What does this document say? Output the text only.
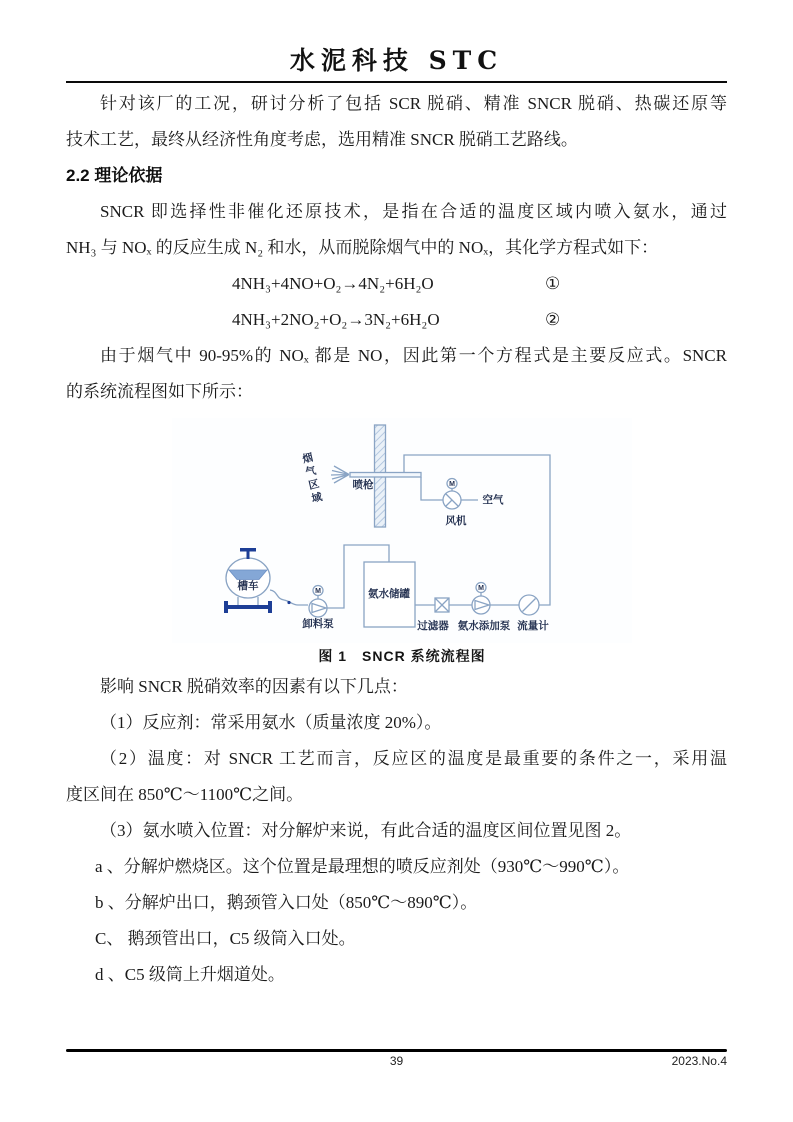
水泥科技 STC
针对该厂的工况，研讨分析了包括 SCR 脱硝、精准 SNCR 脱硝、热碳还原等
技术工艺，最终从经济性角度考虑，选用精准 SNCR 脱硝工艺路线。
2.2 理论依据
SNCR 即选择性非催化还原技术，是指在合适的温度区域内喷入氨水，通过
NH₃ 与 NOₓ 的反应生成 N₂ 和水，从而脱除烟气中的 NOₓ，其化学方程式如下：
4NH₃+4NO+O₂→4N₂+6H₂O	①
4NH₃+2NO₂+O₂→3N₂+6H₂O	②
由于烟气中 90-95%的 NOₓ 都是 NO，因此第一个方程式是主要反应式。SNCR
的系统流程图如下所示：
M
M	M
烟气区域	喷枪
风机
空气
槽车
卸料泵
氨水储罐
过滤器 氨水添加泵 流量计
图 1　SNCR 系统流程图
影响 SNCR 脱硝效率的因素有以下几点：
（1）反应剂：常采用氨水（质量浓度 20%）。
（2）温度：对 SNCR 工艺而言，反应区的温度是最重要的条件之一，采用温
度区间在 850℃～1100℃之间。
（3）氨水喷入位置：对分解炉来说，有此合适的温度区间位置见图 2。
a 、分解炉燃烧区。这个位置是最理想的喷反应剂处（930℃～990℃）。
b 、分解炉出口，鹅颈管入口处（850℃～890℃）。
C、 鹅颈管出口，C5 级筒入口处。
d 、C5 级筒上升烟道处。
39	2023.No.4
